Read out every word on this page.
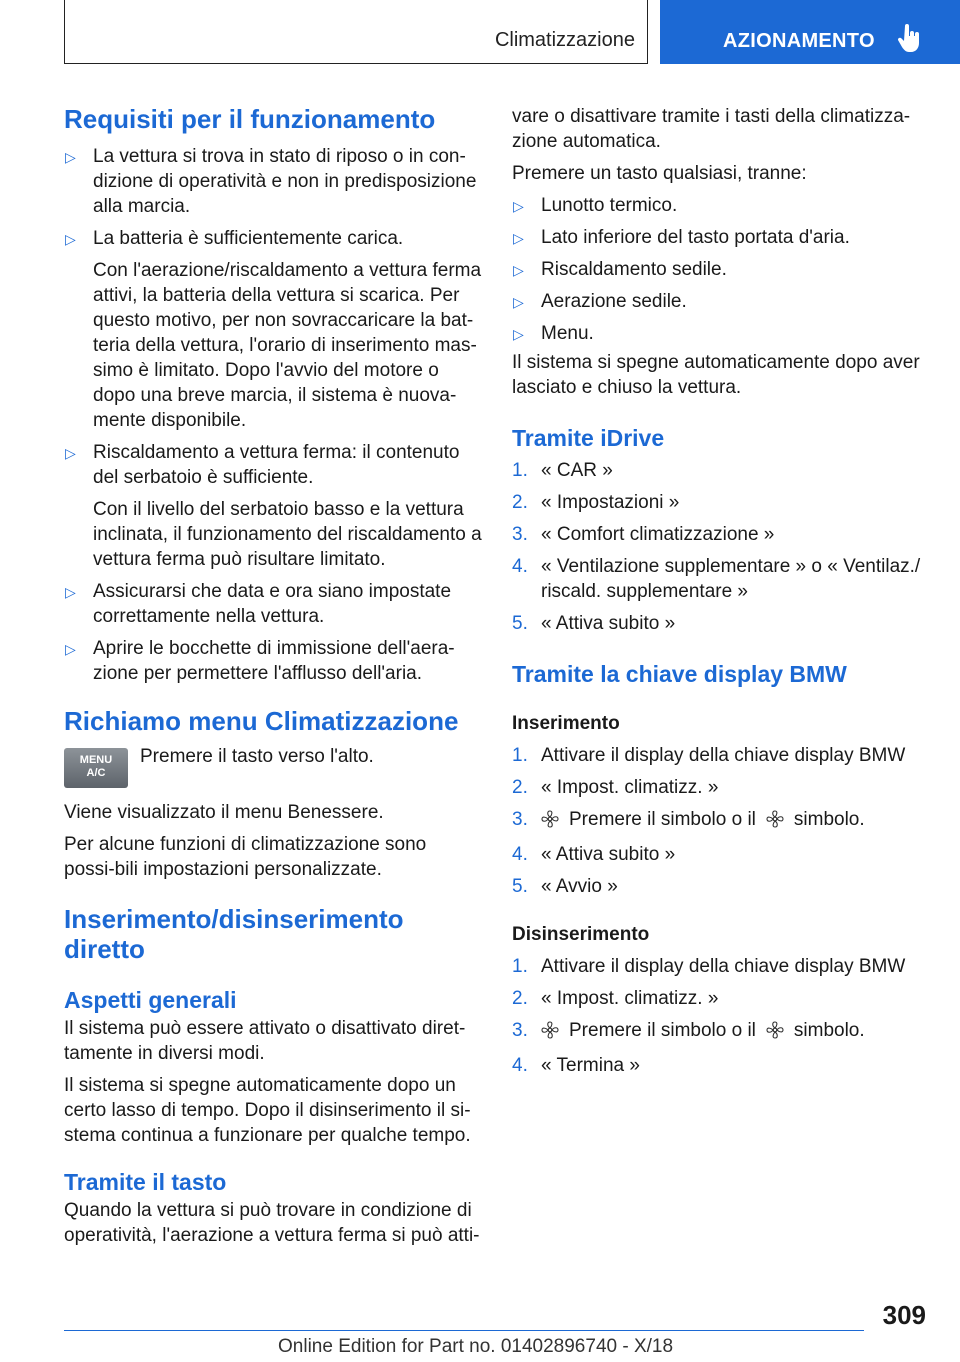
Climatizzazione	AZIONAMENTO
Requisiti per il funzionamento
▷ La vettura si trova in stato di riposo o in con-dizione di operatività e non in predisposizione alla marcia.
▷ La batteria è sufficientemente carica.
Con l'aerazione/riscaldamento a vettura ferma attivi, la batteria della vettura si scarica. Per questo motivo, per non sovraccaricare la bat-teria della vettura, l'orario di inserimento mas-simo è limitato. Dopo l'avvio del motore o dopo una breve marcia, il sistema è nuova-mente disponibile.
▷ Riscaldamento a vettura ferma: il contenuto del serbatoio è sufficiente.
Con il livello del serbatoio basso e la vettura inclinata, il funzionamento del riscaldamento a vettura ferma può risultare limitato.
▷ Assicurarsi che data e ora siano impostate correttamente nella vettura.
▷ Aprire le bocchette di immissione dell'aera-zione per permettere l'afflusso dell'aria.
Richiamo menu Climatizzazione
MENU
A/C
Premere il tasto verso l'alto.

Viene visualizzato il menu Benessere.

Per alcune funzioni di climatizzazione sono possi-bili impostazioni personalizzate.

Inserimento/disinserimento diretto
Aspetti generali

Il sistema può essere attivato o disattivato diret-tamente in diversi modi.

Il sistema si spegne automaticamente dopo un certo lasso di tempo. Dopo il disinserimento il si-stema continua a funzionare per qualche tempo.

Tramite il tasto

Quando la vettura si può trovare in condizione di operatività, l'aerazione a vettura ferma si può atti-

vare o disattivare tramite i tasti della climatizza-zione automatica.

Premere un tasto qualsiasi, tranne:

▷ Lunotto termico.
▷ Lato inferiore del tasto portata d'aria.
▷ Riscaldamento sedile.
▷ Aerazione sedile.
▷ Menu.

Il sistema si spegne automaticamente dopo aver lasciato e chiuso la vettura.

Tramite iDrive
1. « CAR »
2. « Impostazioni »
3. « Comfort climatizzazione »
4. « Ventilazione supplementare » o « Ventilaz./ riscald. supplementare »
5. « Attiva subito »
Tramite la chiave display BMW
Inserimento
1. Attivare il display della chiave display BMW
2. « Impost. climatizz. »
3. Premere il simbolo o il simbolo.
4. « Attiva subito »
5. « Avvio »
Disinserimento
1. Attivare il display della chiave display BMW
2. « Impost. climatizz. »
3. Premere il simbolo o il simbolo.
4. « Termina »
309
Online Edition for Part no. 01402896740 - X/18
